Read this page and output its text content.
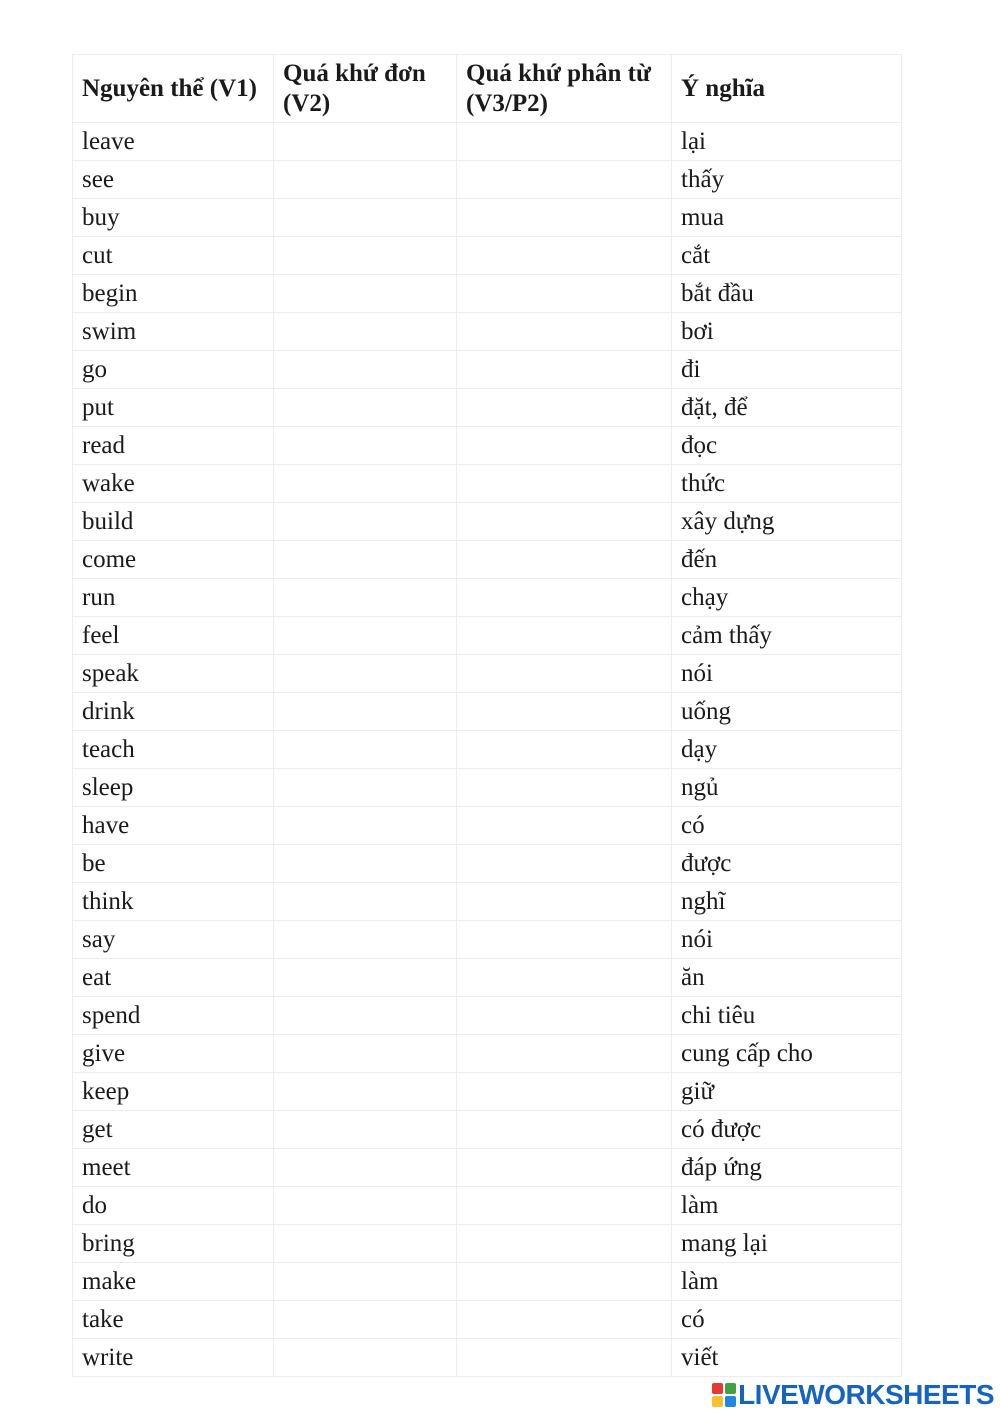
Nguyên thể (V1)	Quá khứ đơn (V2)	Quá khứ phân từ (V3/P2)	Ý nghĩa
leave			lại
see			thấy
buy			mua
cut			cắt
begin			bắt đầu
swim			bơi
go			đi
put			đặt, để
read			đọc
wake			thức
build			xây dựng
come			đến
run			chạy
feel			cảm thấy
speak			nói
drink			uống
teach			dạy
sleep			ngủ
have			có
be			được
think			nghĩ
say			nói
eat			ăn
spend			chi tiêu
give			cung cấp cho
keep			giữ
get			có được
meet			đáp ứng
do			làm
bring			mang lại
make			làm
take			có
write			viết
LIVEWORKSHEETS
